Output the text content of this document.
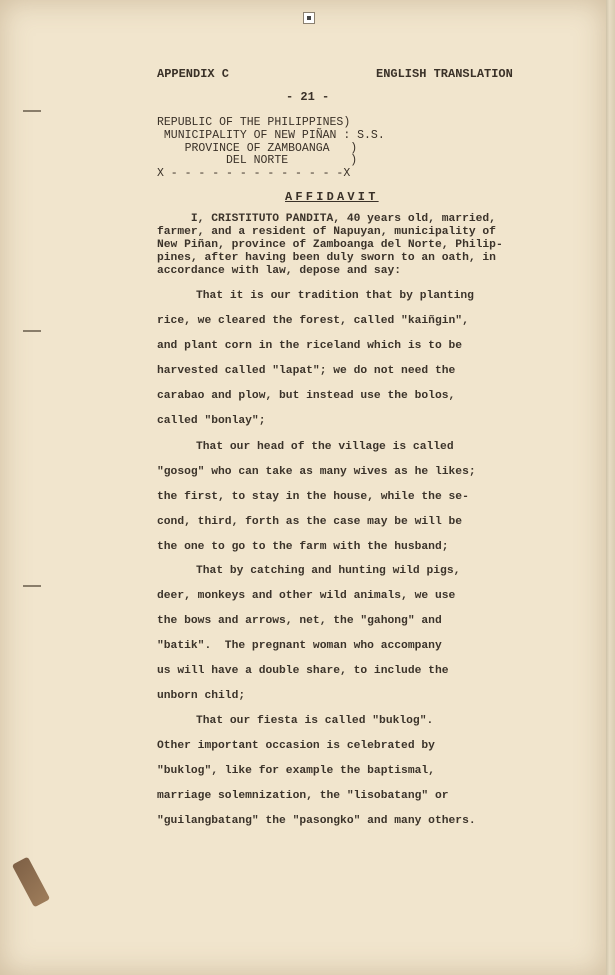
APPENDIX C	ENGLISH TRANSLATION
- 21 -
REPUBLIC OF THE PHILIPPINES)
MUNICIPALITY OF NEW PIÑAN : S.S.
PROVINCE OF ZAMBOANGA   )
DEL NORTE         )
X - - - - - - - - - - - - -X
AFFIDAVIT
I, CRISTITUTO PANDITA, 40 years old, married,
farmer, and a resident of Napuyan, municipality of
New Piñan, province of Zamboanga del Norte, Philip-
pines, after having been duly sworn to an oath, in
accordance with law, depose and say:
That it is our tradition that by planting
rice, we cleared the forest, called "kaiñgin",
and plant corn in the riceland which is to be
harvested called "lapat"; we do not need the
carabao and plow, but instead use the bolos,
called "bonlay";
That our head of the village is called
"gosog" who can take as many wives as he likes;
the first, to stay in the house, while the se-
cond, third, forth as the case may be will be
the one to go to the farm with the husband;
That by catching and hunting wild pigs,
deer, monkeys and other wild animals, we use
the bows and arrows, net, the "gahong" and
"batik".  The pregnant woman who accompany
us will have a double share, to include the
unborn child;
That our fiesta is called "buklog".
Other important occasion is celebrated by
"buklog", like for example the baptismal,
marriage solemnization, the "lisobatang" or
"guilangbatang" the "pasongko" and many others.
